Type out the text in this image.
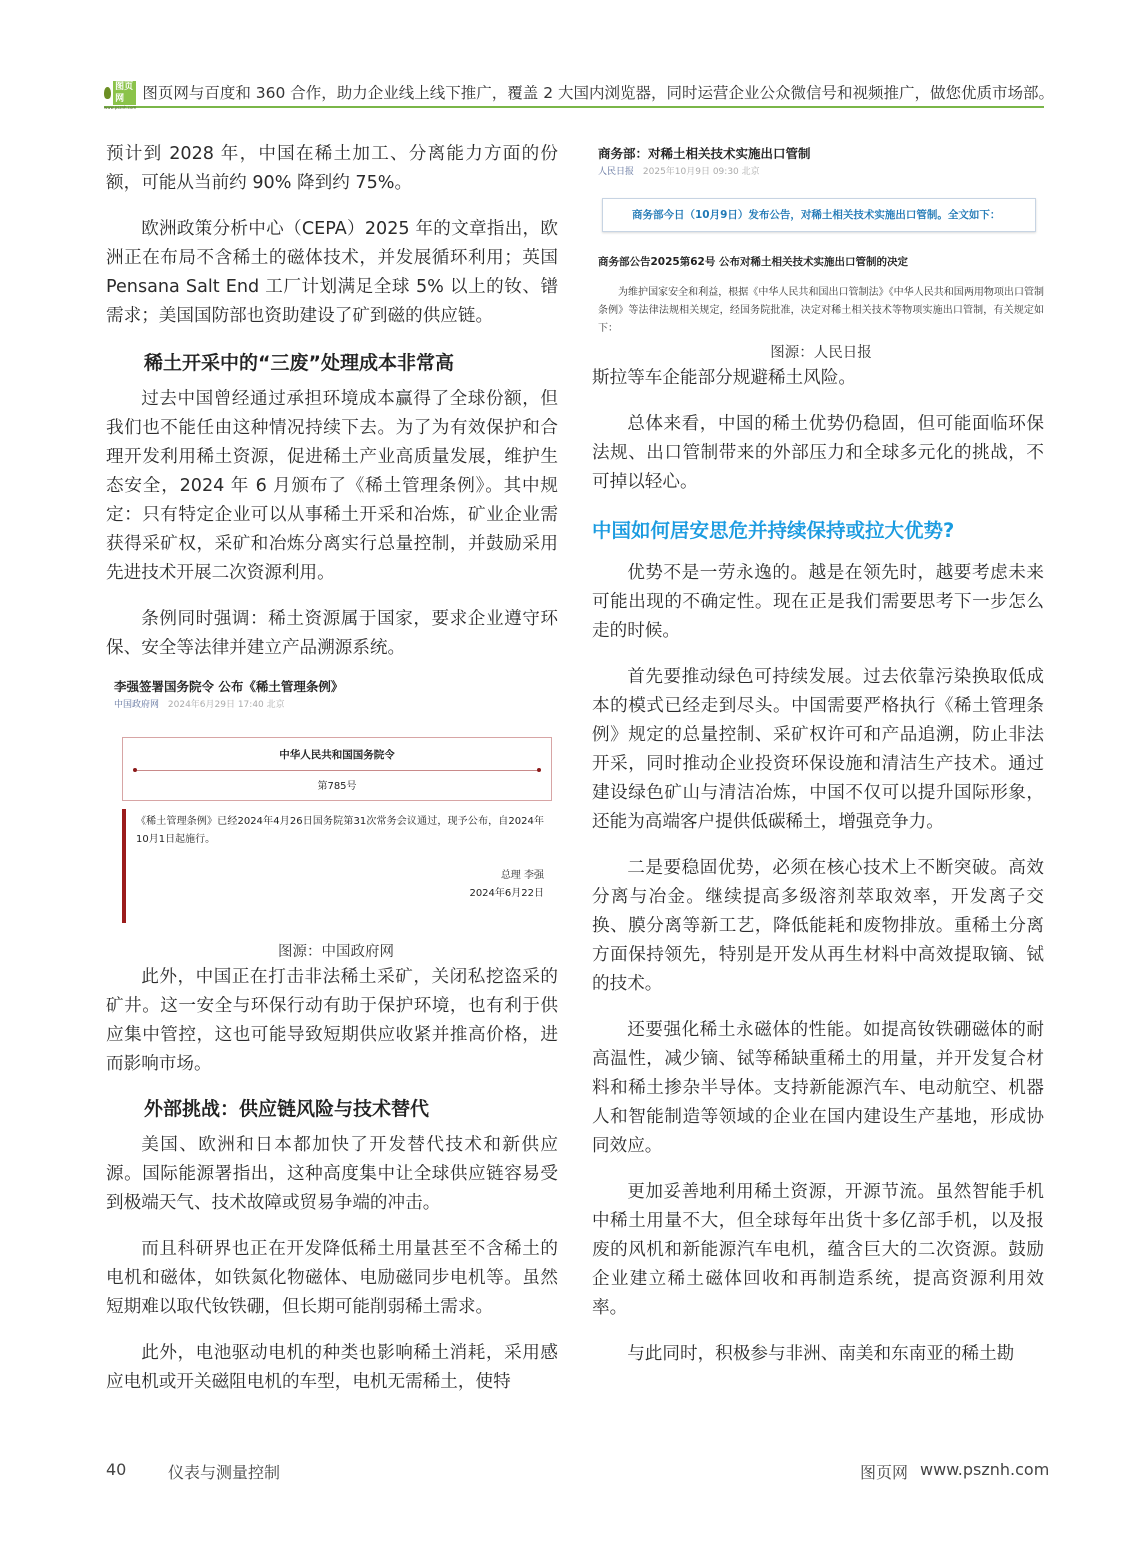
图页网
www.psznh.com
图页网与百度和 360 合作，助力企业线上线下推广，覆盖 2 大国内浏览器，同时运营企业公众微信号和视频推广，做您优质市场部。

预计到 2028 年，中国在稀土加工、分离能力方面的份额，可能从当前约 90% 降到约 75%。

欧洲政策分析中心（CEPA）2025 年的文章指出，欧洲正在布局不含稀土的磁体技术，并发展循环利用；英国 Pensana Salt End 工厂计划满足全球 5% 以上的钕、镨需求；美国国防部也资助建设了矿到磁的供应链。

稀土开采中的“三废”处理成本非常高

过去中国曾经通过承担环境成本赢得了全球份额，但我们也不能任由这种情况持续下去。为了为有效保护和合理开发利用稀土资源，促进稀土产业高质量发展，维护生态安全，2024 年 6 月颁布了《稀土管理条例》。其中规定：只有特定企业可以从事稀土开采和冶炼，矿业企业需获得采矿权，采矿和冶炼分离实行总量控制，并鼓励采用先进技术开展二次资源利用。

条例同时强调：稀土资源属于国家，要求企业遵守环保、安全等法律并建立产品溯源系统。

李强签署国务院令 公布《稀土管理条例》
中国政府网 2024年6月29日 17:40 北京
中华人民共和国国务院令
第785号
《稀土管理条例》已经2024年4月26日国务院第31次常务会议通过，现予公布，自2024年10月1日起施行。
总理 李强
2024年6月22日
图源：中国政府网

此外，中国正在打击非法稀土采矿，关闭私挖盗采的矿井。这一安全与环保行动有助于保护环境，也有利于供应集中管控，这也可能导致短期供应收紧并推高价格，进而影响市场。

外部挑战：供应链风险与技术替代

美国、欧洲和日本都加快了开发替代技术和新供应源。国际能源署指出，这种高度集中让全球供应链容易受到极端天气、技术故障或贸易争端的冲击。

而且科研界也正在开发降低稀土用量甚至不含稀土的电机和磁体，如铁氮化物磁体、电励磁同步电机等。虽然短期难以取代钕铁硼，但长期可能削弱稀土需求。

此外，电池驱动电机的种类也影响稀土消耗，采用感应电机或开关磁阻电机的车型，电机无需稀土，使特

商务部：对稀土相关技术实施出口管制
人民日报 2025年10月9日 09:30 北京
商务部今日（10月9日）发布公告，对稀土相关技术实施出口管制。全文如下：
商务部公告2025第62号 公布对稀土相关技术实施出口管制的决定
为维护国家安全和利益，根据《中华人民共和国出口管制法》《中华人民共和国两用物项出口管制条例》等法律法规相关规定，经国务院批准，决定对稀土相关技术等物项实施出口管制，有关规定如下：
图源：人民日报

斯拉等车企能部分规避稀土风险。

总体来看，中国的稀土优势仍稳固，但可能面临环保法规、出口管制带来的外部压力和全球多元化的挑战，不可掉以轻心。

中国如何居安思危并持续保持或拉大优势?

优势不是一劳永逸的。越是在领先时，越要考虑未来可能出现的不确定性。现在正是我们需要思考下一步怎么走的时候。

首先要推动绿色可持续发展。过去依靠污染换取低成本的模式已经走到尽头。中国需要严格执行《稀土管理条例》规定的总量控制、采矿权许可和产品追溯，防止非法开采，同时推动企业投资环保设施和清洁生产技术。通过建设绿色矿山与清洁冶炼，中国不仅可以提升国际形象，还能为高端客户提供低碳稀土，增强竞争力。

二是要稳固优势，必须在核心技术上不断突破。高效分离与冶金。继续提高多级溶剂萃取效率，开发离子交换、膜分离等新工艺，降低能耗和废物排放。重稀土分离方面保持领先，特别是开发从再生材料中高效提取镝、铽的技术。

还要强化稀土永磁体的性能。如提高钕铁硼磁体的耐高温性，减少镝、铽等稀缺重稀土的用量，并开发复合材料和稀土掺杂半导体。支持新能源汽车、电动航空、机器人和智能制造等领域的企业在国内建设生产基地，形成协同效应。

更加妥善地利用稀土资源，开源节流。虽然智能手机中稀土用量不大，但全球每年出货十多亿部手机，以及报废的风机和新能源汽车电机，蕴含巨大的二次资源。鼓励企业建立稀土磁体回收和再制造系统，提高资源利用效率。

与此同时，积极参与非洲、南美和东南亚的稀土勘

40	仪表与测量控制	图页网 www.psznh.com
